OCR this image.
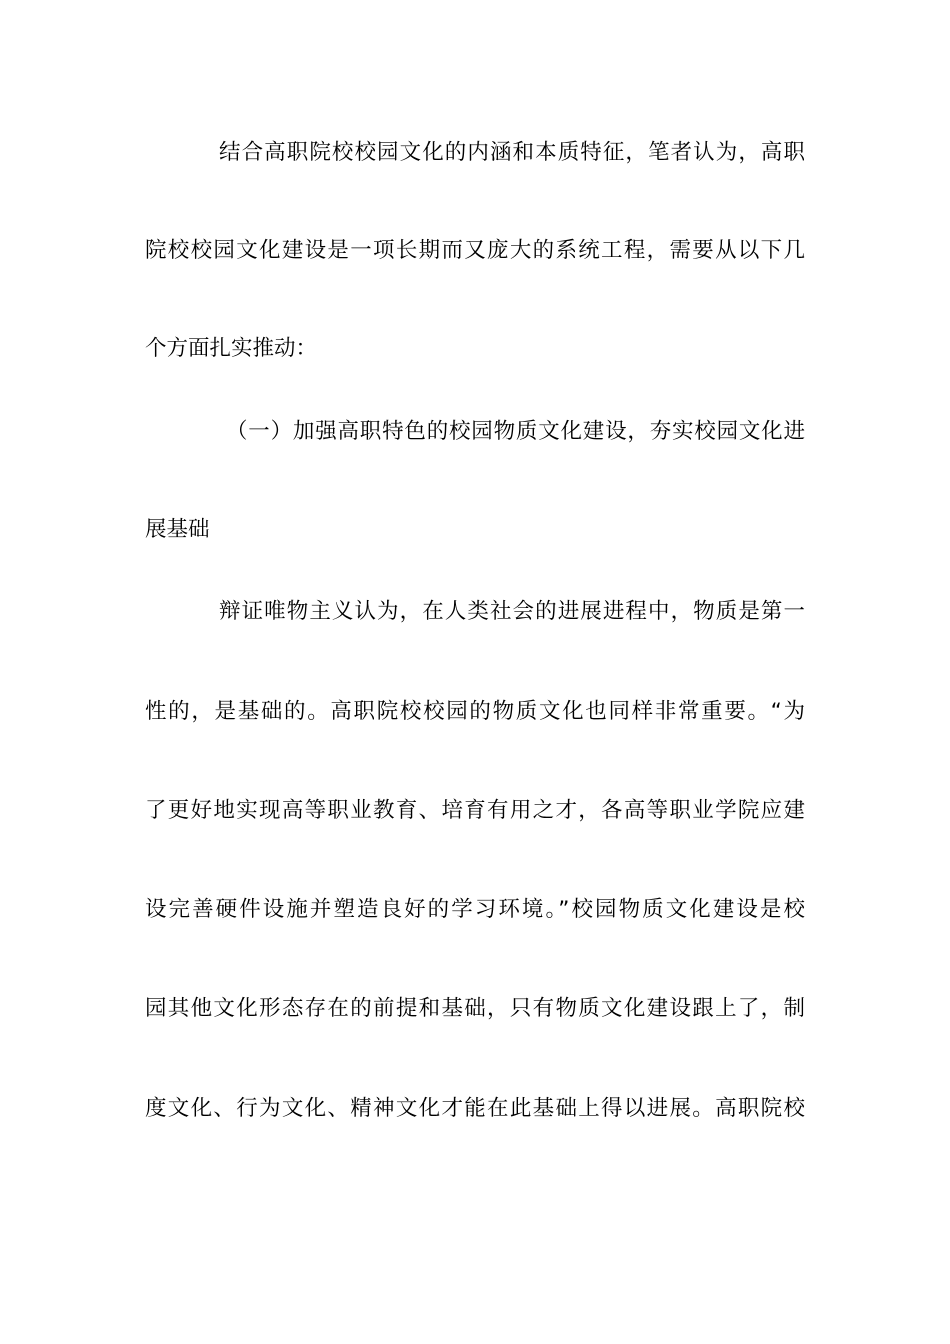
结合高职院校校园文化的内涵和本质特征，笔者认为，高职
院校校园文化建设是一项长期而又庞大的系统工程，需要从以下几
个方面扎实推动：
（一）加强高职特色的校园物质文化建设，夯实校园文化进
展基础
辩证唯物主义认为，在人类社会的进展进程中，物质是第一
性的，是基础的。高职院校校园的物质文化也同样非常重要。“为
了更好地实现高等职业教育、培育有用之才，各高等职业学院应建
设完善硬件设施并塑造良好的学习环境。”校园物质文化建设是校
园其他文化形态存在的前提和基础，只有物质文化建设跟上了，制
度文化、行为文化、精神文化才能在此基础上得以进展。高职院校
